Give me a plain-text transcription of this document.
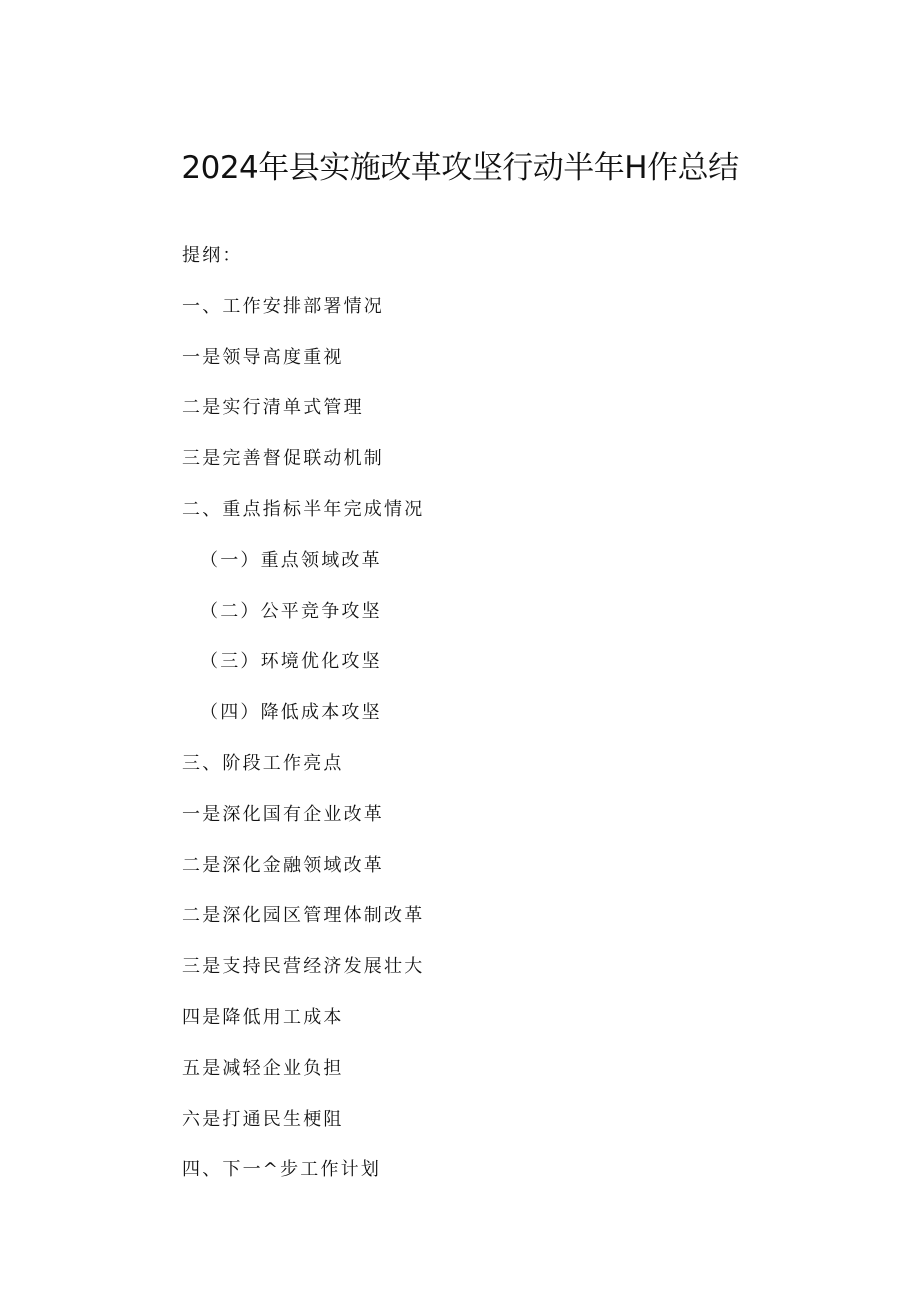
2024年县实施改革攻坚行动半年H作总结
提纲：
一、工作安排部署情况
一是领导高度重视
二是实行清单式管理
三是完善督促联动机制
二、重点指标半年完成情况
（一）重点领域改革
（二）公平竞争攻坚
（三）环境优化攻坚
（四）降低成本攻坚
三、阶段工作亮点
一是深化国有企业改革
二是深化金融领域改革
二是深化园区管理体制改革
三是支持民营经济发展壮大
四是降低用工成本
五是减轻企业负担
六是打通民生梗阻
四、下一^步工作计划
